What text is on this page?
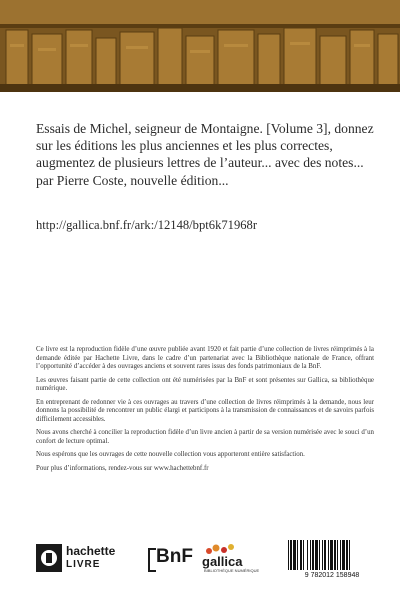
Essais de Michel, seigneur de Montaigne. [Volume 3], donnez sur les éditions les plus anciennes et les plus correctes, augmentez de plusieurs lettres de l’auteur... avec des notes... par Pierre Coste, nouvelle édition...
http://gallica.bnf.fr/ark:/12148/bpt6k71968r

Ce livre est la reproduction fidèle d’une œuvre publiée avant 1920 et fait partie d’une collection de livres réimprimés à la demande éditée par Hachette Livre, dans le cadre d’un partenariat avec la Bibliothèque nationale de France, offrant l’opportunité d’accéder à des ouvrages anciens et souvent rares issus des fonds patrimoniaux de la BnF.

Les œuvres faisant partie de cette collection ont été numérisées par la BnF et sont présentes sur Gallica, sa bibliothèque numérique.

En entreprenant de redonner vie à ces ouvrages au travers d’une collection de livres réimprimés à la demande, nous leur donnons la possibilité de rencontrer un public élargi et participons à la transmission de connaissances et de savoirs parfois difficilement accessibles.

Nous avons cherché à concilier la reproduction fidèle d’un livre ancien à partir de sa version numérisée avec le souci d’un confort de lecture optimal.

Nous espérons que les ouvrages de cette nouvelle collection vous apporteront entière satisfaction.

Pour plus d’informations, rendez-vous sur www.hachettebnf.fr

hachette
LIVRE	BnF gallica
BIBLIOTHÈQUE NUMÉRIQUE
9 782012 158948
